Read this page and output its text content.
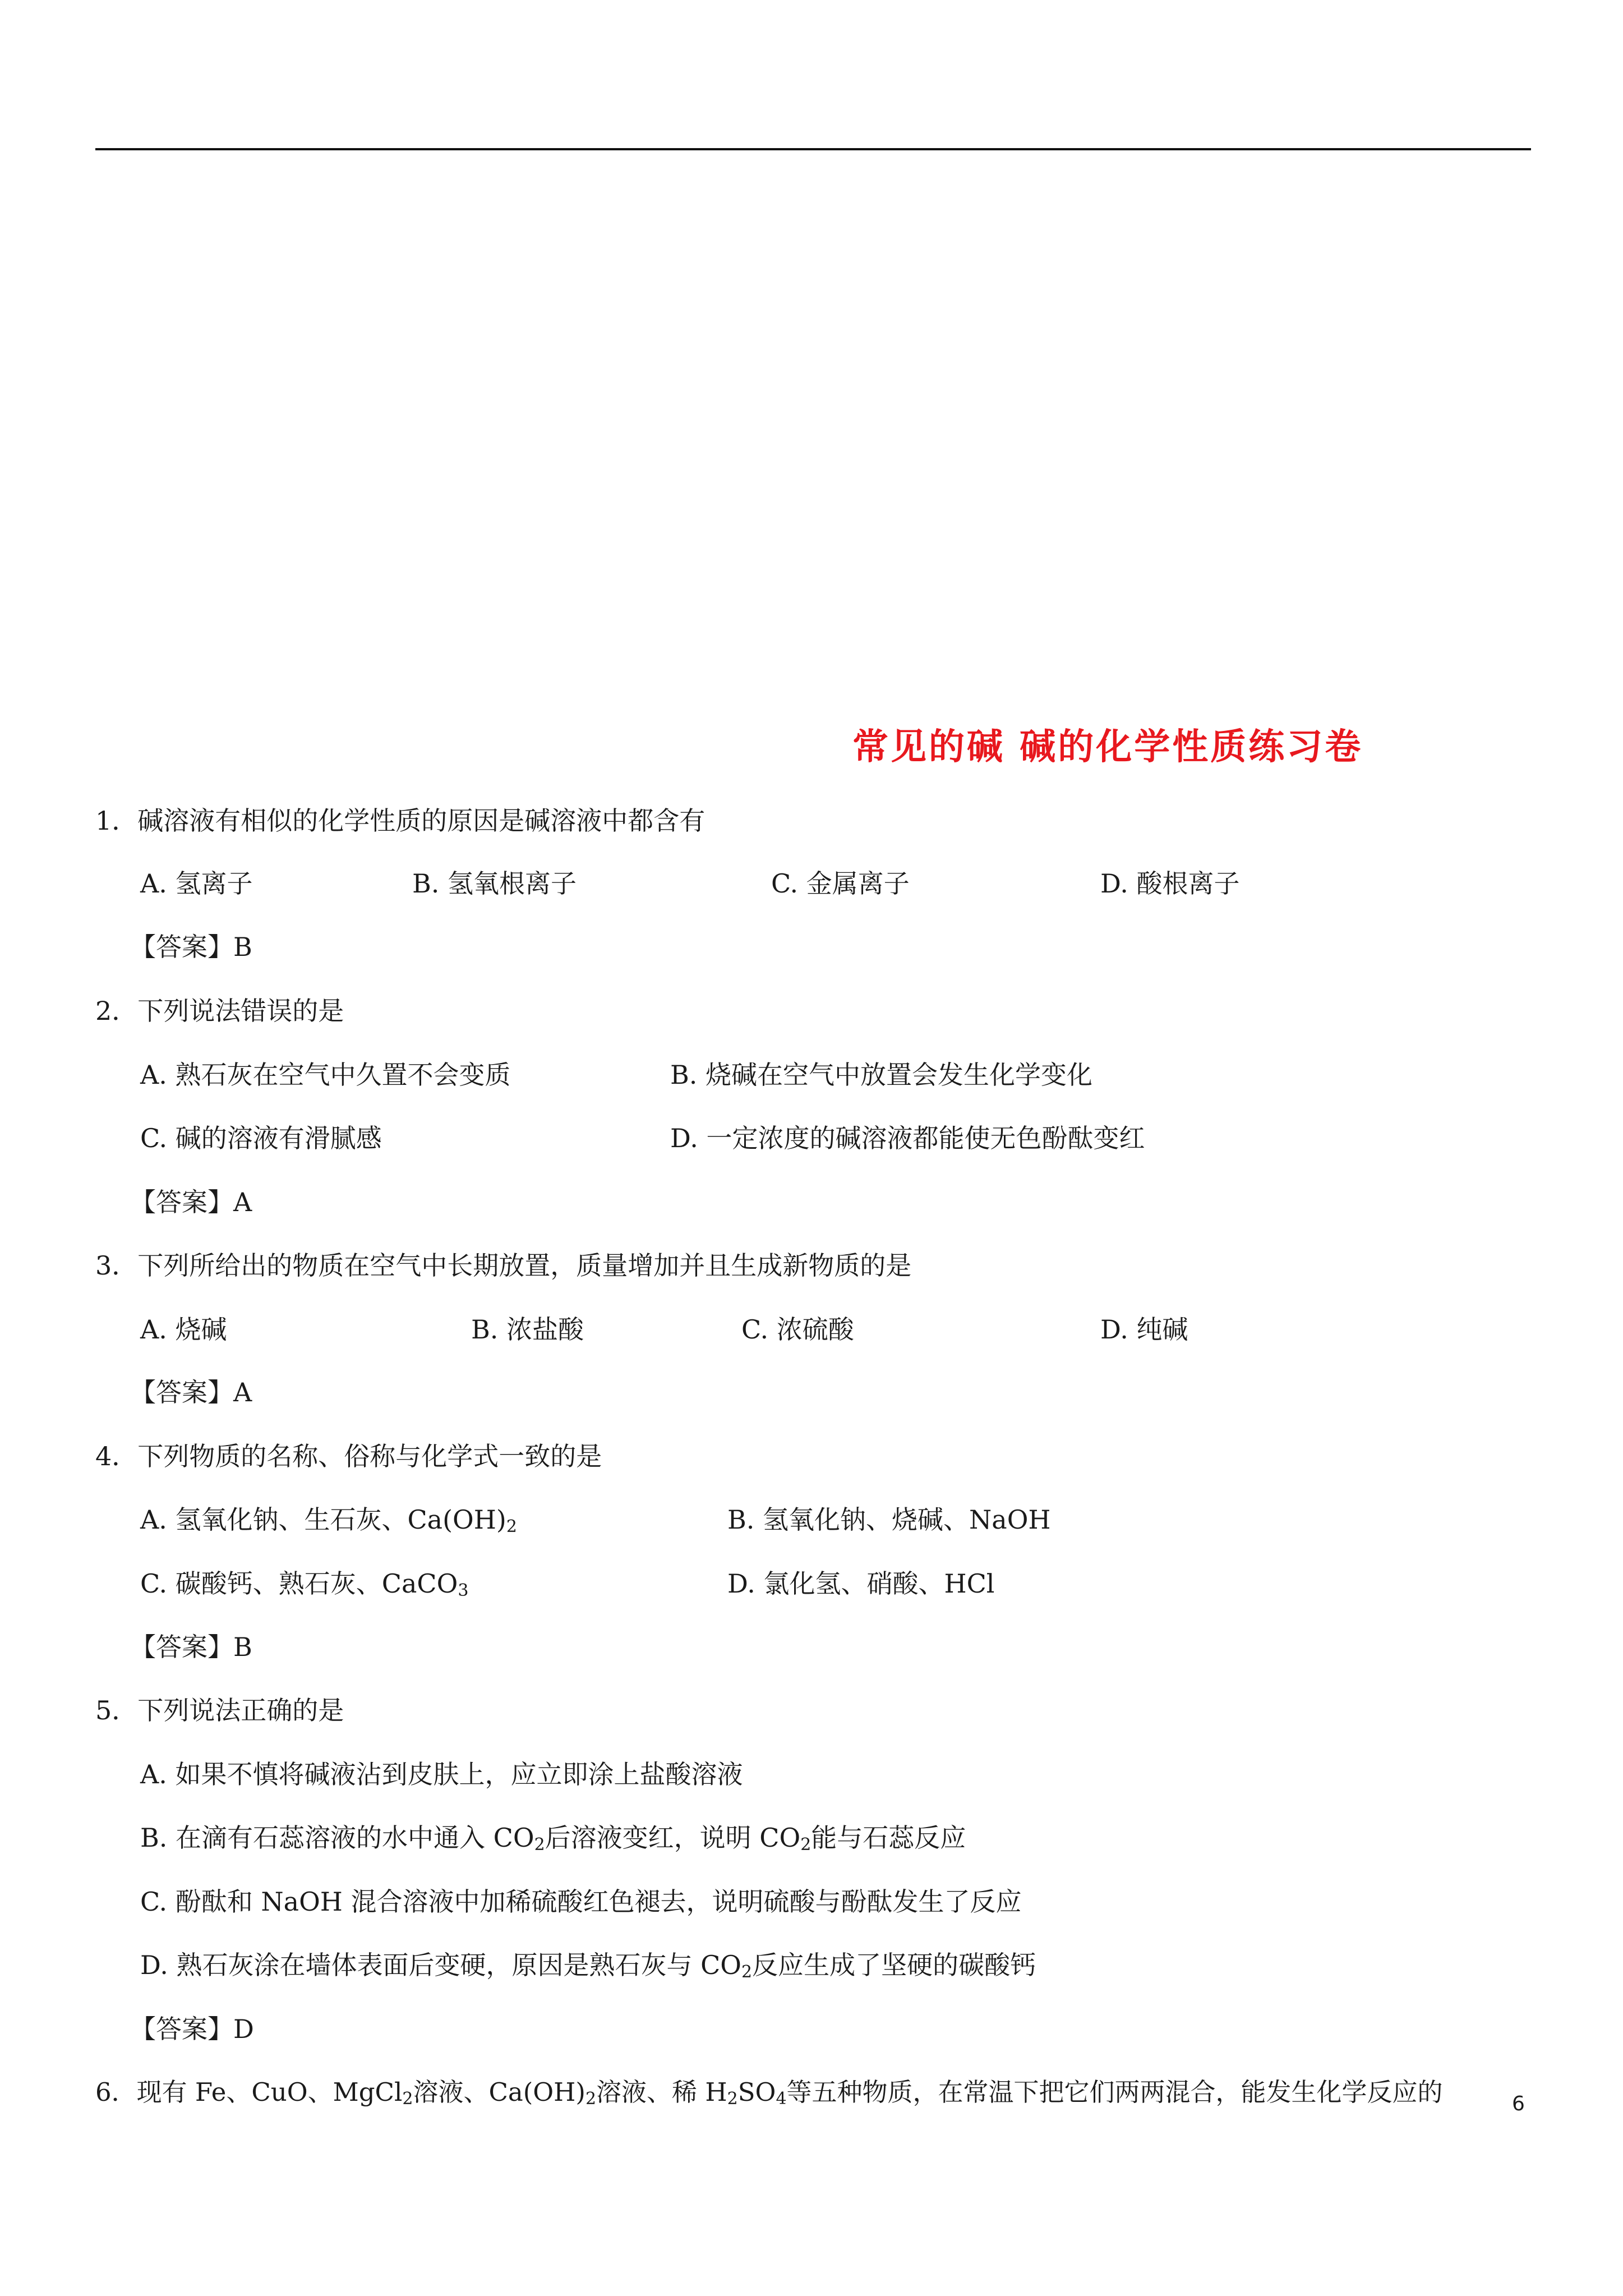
常见的碱 碱的化学性质练习卷
1．碱溶液有相似的化学性质的原因是碱溶液中都含有
A. 氢离子	B. 氢氧根离子	C. 金属离子	D. 酸根离子
【答案】B
2．下列说法错误的是
A. 熟石灰在空气中久置不会变质	B. 烧碱在空气中放置会发生化学变化
C. 碱的溶液有滑腻感	D. 一定浓度的碱溶液都能使无色酚酞变红
【答案】A
3．下列所给出的物质在空气中长期放置，质量增加并且生成新物质的是
A. 烧碱	B. 浓盐酸	C. 浓硫酸	D. 纯碱
【答案】A
4．下列物质的名称、俗称与化学式一致的是
A. 氢氧化钠、生石灰、$Ca(OH)_2$	B. 氢氧化钠、烧碱、NaOH
C. 碳酸钙、熟石灰、CaCO$_3$	D. 氯化氢、硝酸、HCl
【答案】B
5．下列说法正确的是
A. 如果不慎将碱液沾到皮肤上，应立即涂上盐酸溶液
B. 在滴有石蕊溶液的水中通入 $CO_2$后溶液变红，说明 $CO_2$能与石蕊反应
C. 酚酞和 NaOH 混合溶液中加稀硫酸红色褪去，说明硫酸与酚酞发生了反应
D. 熟石灰涂在墙体表面后变硬，原因是熟石灰与 $CO_2$反应生成了坚硬的碳酸钙
【答案】D
6．现有 Fe、CuO、MgCl$_2$溶液、$Ca(OH)_2$溶液、稀 $H_2SO_4$等五种物质，在常温下把它们两两混合，能发生化学反应的	6
